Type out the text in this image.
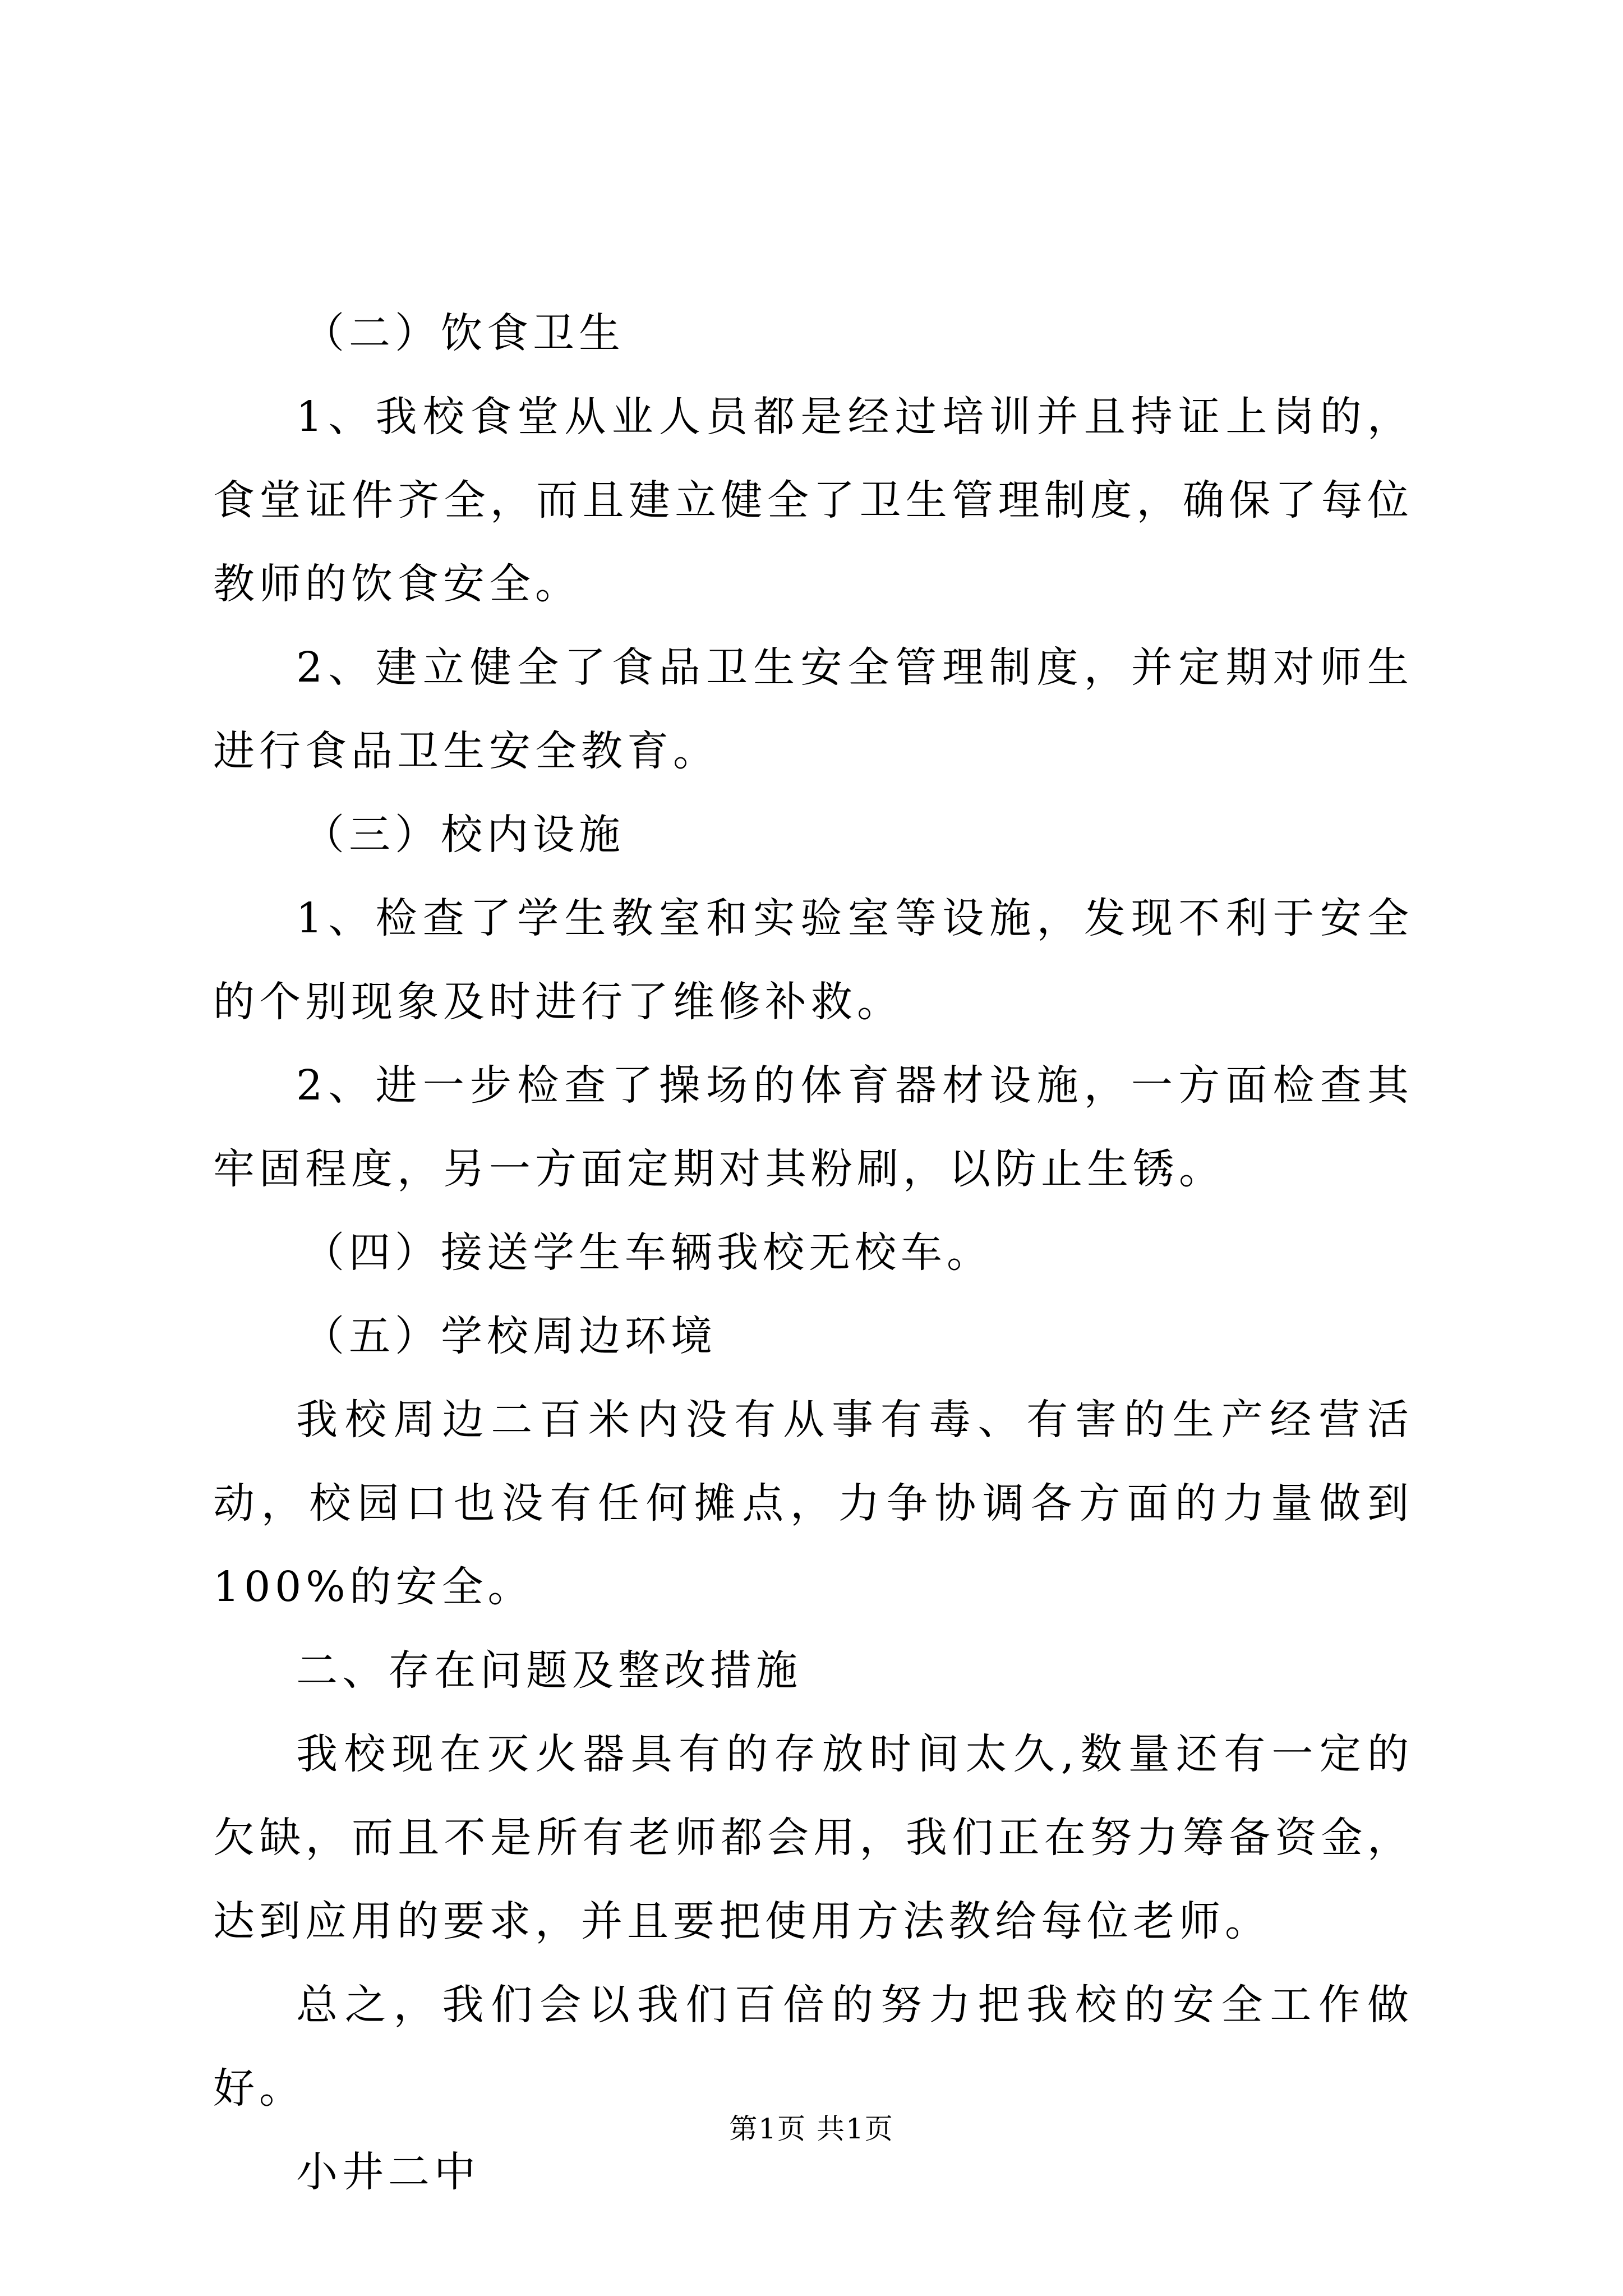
（二）饮食卫生

1、我校食堂从业人员都是经过培训并且持证上岗的，食堂证件齐全，而且建立健全了卫生管理制度，确保了每位教师的饮食安全。

2、建立健全了食品卫生安全管理制度，并定期对师生进行食品卫生安全教育。

（三）校内设施

1、检查了学生教室和实验室等设施，发现不利于安全的个别现象及时进行了维修补救。

2、进一步检查了操场的体育器材设施，一方面检查其牢固程度，另一方面定期对其粉刷，以防止生锈。

（四）接送学生车辆我校无校车。

（五）学校周边环境

我校周边二百米内没有从事有毒、有害的生产经营活动，校园口也没有任何摊点，力争协调各方面的力量做到100%的安全。

二、存在问题及整改措施

我校现在灭火器具有的存放时间太久,数量还有一定的欠缺，而且不是所有老师都会用，我们正在努力筹备资金，达到应用的要求，并且要把使用方法教给每位老师。

总之，我们会以我们百倍的努力把我校的安全工作做好。

小井二中

第1页 共1页
